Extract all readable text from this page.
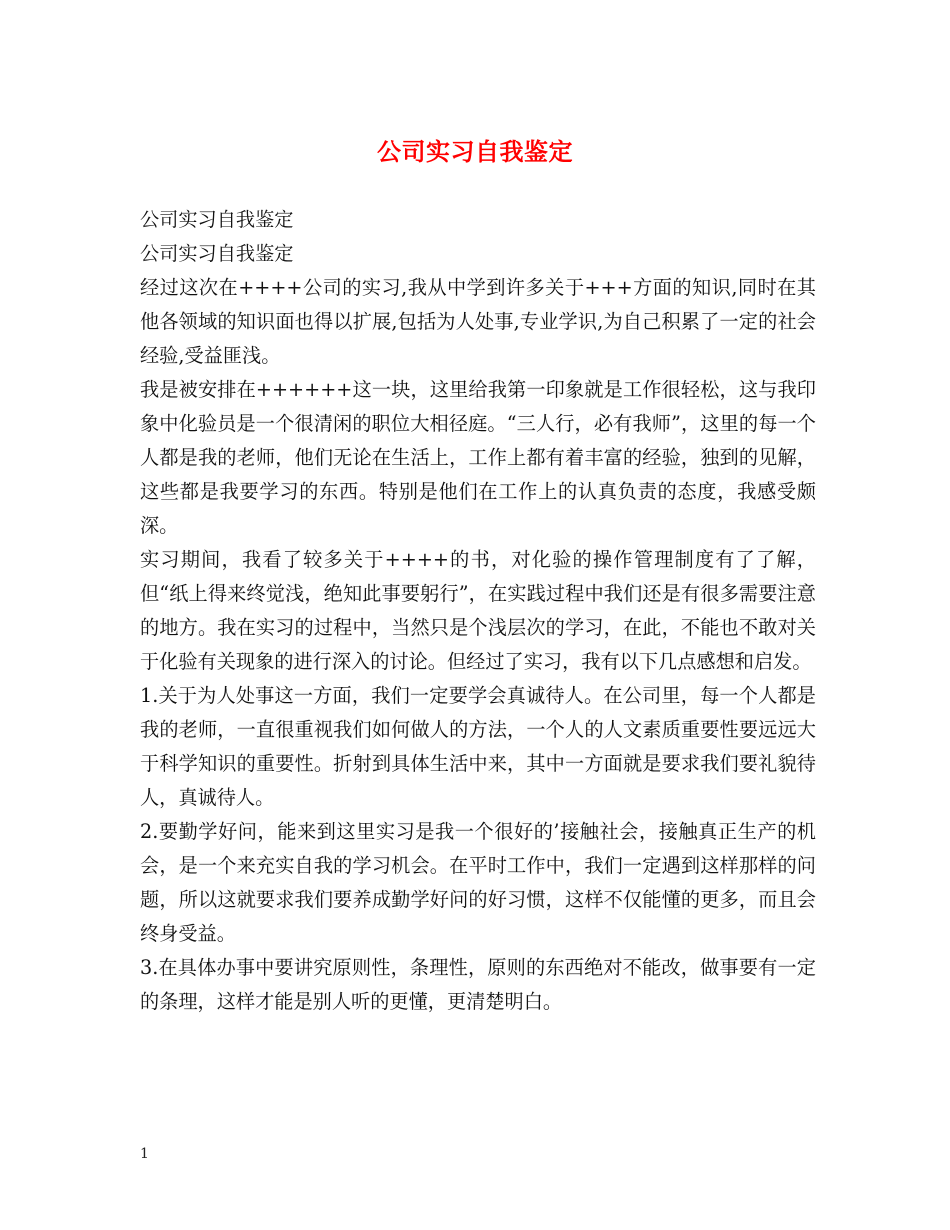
公司实习自我鉴定

公司实习自我鉴定

公司实习自我鉴定

经过这次在++++公司的实习,我从中学到许多关于+++方面的知识,同时在其他各领域的知识面也得以扩展,包括为人处事,专业学识,为自己积累了一定的社会经验,受益匪浅。

我是被安排在++++++这一块，这里给我第一印象就是工作很轻松，这与我印象中化验员是一个很清闲的职位大相径庭。“三人行，必有我师”，这里的每一个人都是我的老师，他们无论在生活上，工作上都有着丰富的经验，独到的见解，这些都是我要学习的东西。特别是他们在工作上的认真负责的态度，我感受颇深。

实习期间，我看了较多关于++++的书，对化验的操作管理制度有了了解，但“纸上得来终觉浅，绝知此事要躬行”，在实践过程中我们还是有很多需要注意的地方。我在实习的过程中，当然只是个浅层次的学习，在此，不能也不敢对关于化验有关现象的进行深入的讨论。但经过了实习，我有以下几点感想和启发。

1.关于为人处事这一方面，我们一定要学会真诚待人。在公司里，每一个人都是我的老师，一直很重视我们如何做人的方法，一个人的人文素质重要性要远远大于科学知识的重要性。折射到具体生活中来，其中一方面就是要求我们要礼貌待人，真诚待人。

2.要勤学好问，能来到这里实习是我一个很好的’接触社会，接触真正生产的机会，是一个来充实自我的学习机会。在平时工作中，我们一定遇到这样那样的问题，所以这就要求我们要养成勤学好问的好习惯，这样不仅能懂的更多，而且会终身受益。

3.在具体办事中要讲究原则性，条理性，原则的东西绝对不能改，做事要有一定的条理，这样才能是别人听的更懂，更清楚明白。

1
